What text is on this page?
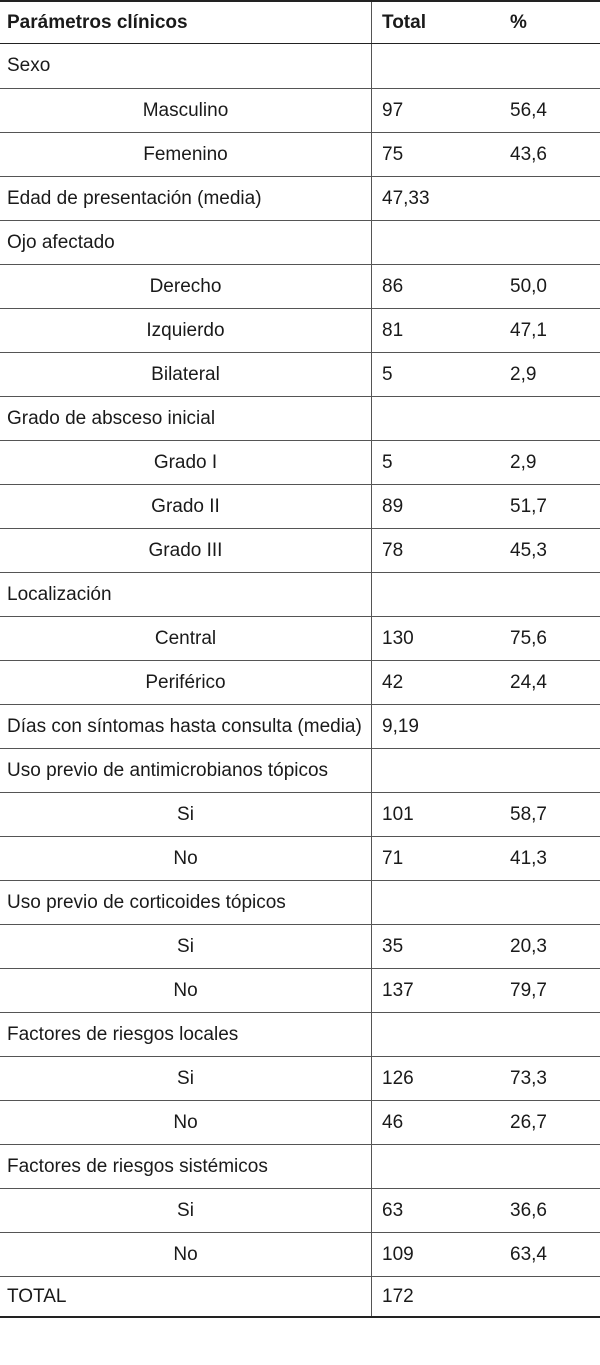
Parámetros clínicos	Total	%
Sexo
Masculino	97	56,4
Femenino	75	43,6
Edad de presentación (media)	47,33
Ojo afectado
Derecho	86	50,0
Izquierdo	81	47,1
Bilateral	5	2,9
Grado de absceso inicial
Grado I	5	2,9
Grado II	89	51,7
Grado III	78	45,3
Localización
Central	130	75,6
Periférico	42	24,4
Días con síntomas hasta consulta (media)	9,19
Uso previo de antimicrobianos tópicos
Si	101	58,7
No	71	41,3
Uso previo de corticoides tópicos
Si	35	20,3
No	137	79,7
Factores de riesgos locales
Si	126	73,3
No	46	26,7
Factores de riesgos sistémicos
Si	63	36,6
No	109	63,4
TOTAL	172
